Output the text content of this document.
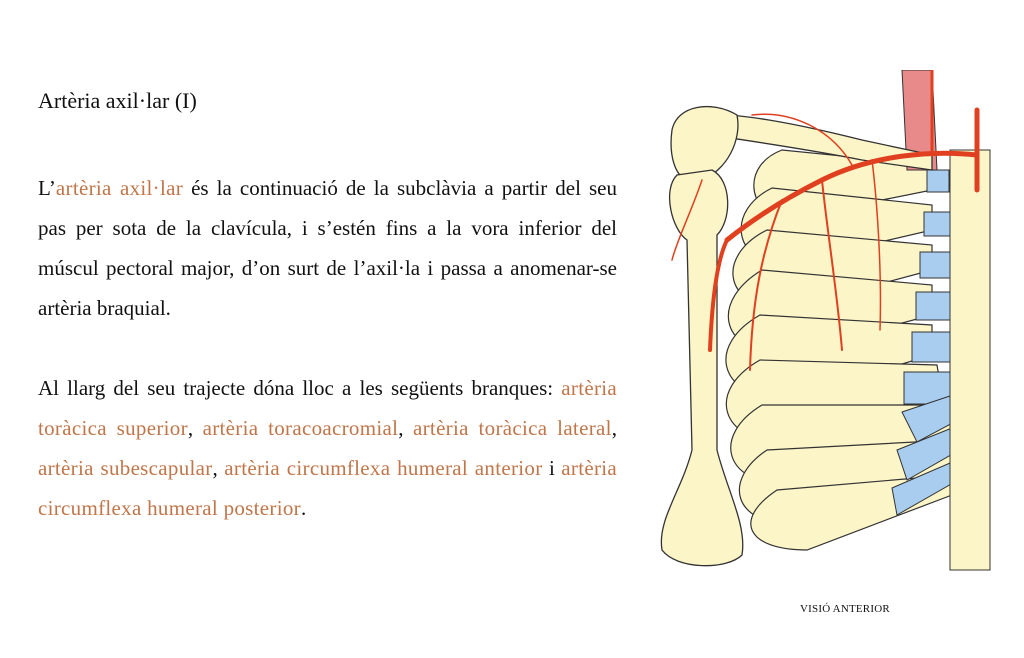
Artèria axil·lar (I)

L’artèria axil·lar és la continuació de la subclàvia a partir del seu pas per sota de la clavícula, i s’estén fins a la vora inferior del múscul pectoral major, d’on surt de l’axil·la i passa a anomenar-se artèria braquial.

Al llarg del seu trajecte dóna lloc a les següents branques: artèria toràcica superior, artèria toracoacromial, artèria toràcica lateral, artèria subescapular, artèria circumflexa humeral anterior i artèria circumflexa humeral posterior.

VISIÓ ANTERIOR
